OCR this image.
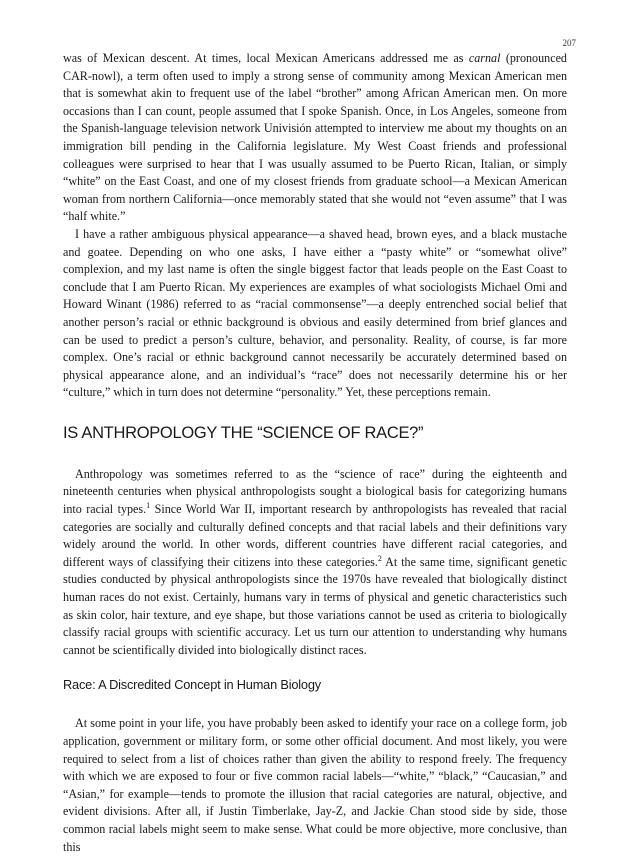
207

was of Mexican descent. At times, local Mexican Americans addressed me as carnal (pronounced CAR-nowl), a term often used to imply a strong sense of community among Mexican American men that is somewhat akin to frequent use of the label “brother” among African American men. On more occasions than I can count, people assumed that I spoke Spanish. Once, in Los Angeles, someone from the Spanish-language television network Univisión attempted to interview me about my thoughts on an immigration bill pending in the California legislature. My West Coast friends and professional colleagues were surprised to hear that I was usually assumed to be Puerto Rican, Italian, or simply “white” on the East Coast, and one of my closest friends from graduate school—a Mexican American woman from northern California—once memorably stated that she would not “even assume” that I was “half white.”

I have a rather ambiguous physical appearance—a shaved head, brown eyes, and a black mustache and goatee. Depending on who one asks, I have either a “pasty white” or “somewhat olive” complexion, and my last name is often the single biggest factor that leads people on the East Coast to conclude that I am Puerto Rican. My experiences are examples of what sociologists Michael Omi and Howard Winant (1986) referred to as “racial commonsense”—a deeply entrenched social belief that another person’s racial or ethnic background is obvious and easily determined from brief glances and can be used to predict a person’s culture, behavior, and personality. Reality, of course, is far more complex. One’s racial or ethnic background cannot necessarily be accurately determined based on physical appearance alone, and an individual’s “race” does not necessarily determine his or her “culture,” which in turn does not determine “personality.” Yet, these perceptions remain.

IS ANTHROPOLOGY THE “SCIENCE OF RACE?”

Anthropology was sometimes referred to as the “science of race” during the eighteenth and nineteenth centuries when physical anthropologists sought a biological basis for categorizing humans into racial types.$^1$ Since World War II, important research by anthropologists has revealed that racial categories are socially and culturally defined concepts and that racial labels and their definitions vary widely around the world. In other words, different countries have different racial categories, and different ways of classifying their citizens into these categories.$^2$ At the same time, significant genetic studies conducted by physical anthropologists since the 1970s have revealed that biologically distinct human races do not exist. Certainly, humans vary in terms of physical and genetic characteristics such as skin color, hair texture, and eye shape, but those variations cannot be used as criteria to biologically classify racial groups with scientific accuracy. Let us turn our attention to understanding why humans cannot be scientifically divided into biologically distinct races.

Race: A Discredited Concept in Human Biology

At some point in your life, you have probably been asked to identify your race on a college form, job application, government or military form, or some other official document. And most likely, you were required to select from a list of choices rather than given the ability to respond freely. The frequency with which we are exposed to four or five common racial labels—“white,” “black,” “Caucasian,” and “Asian,” for example—tends to promote the illusion that racial categories are natural, objective, and evident divisions. After all, if Justin Timberlake, Jay-Z, and Jackie Chan stood side by side, those common racial labels might seem to make sense. What could be more objective, more conclusive, than this
